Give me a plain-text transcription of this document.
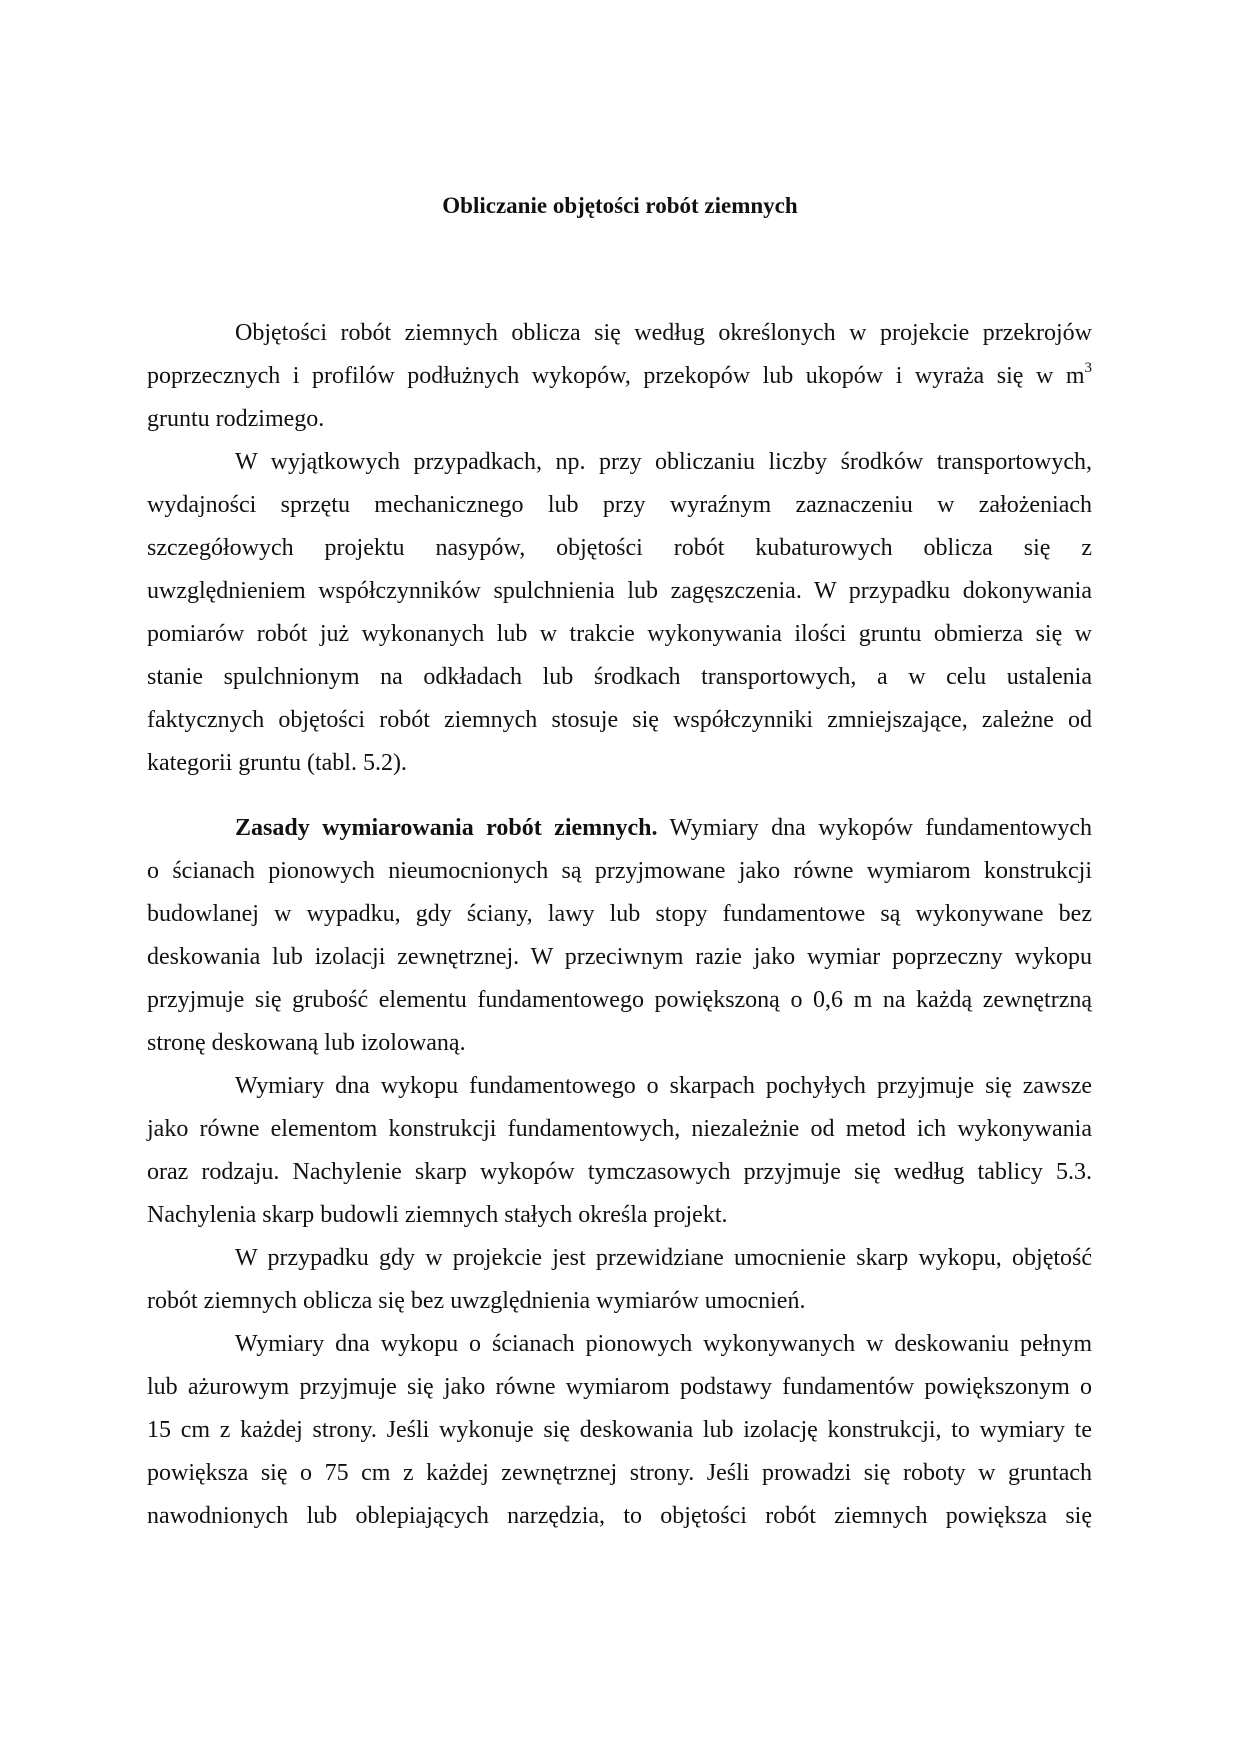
Obliczanie objętości robót ziemnych
Objętości robót ziemnych oblicza się według określonych w projekcie przekrojów
poprzecznych i profilów podłużnych wykopów, przekopów lub ukopów i wyraża się w $m^3$
gruntu rodzimego.
W wyjątkowych przypadkach, np. przy obliczaniu liczby środków transportowych,
wydajności sprzętu mechanicznego lub przy wyraźnym zaznaczeniu w założeniach
szczegółowych projektu nasypów, objętości robót kubaturowych oblicza się z
uwzględnieniem współczynników spulchnienia lub zagęszczenia. W przypadku dokonywania
pomiarów robót już wykonanych lub w trakcie wykonywania ilości gruntu obmierza się w
stanie spulchnionym na odkładach lub środkach transportowych, a w celu ustalenia
faktycznych objętości robót ziemnych stosuje się współczynniki zmniejszające, zależne od
kategorii gruntu (tabl. 5.2).
Zasady wymiarowania robót ziemnych. Wymiary dna wykopów fundamentowych
o ścianach pionowych nieumocnionych są przyjmowane jako równe wymiarom konstrukcji
budowlanej w wypadku, gdy ściany, lawy lub stopy fundamentowe są wykonywane bez
deskowania lub izolacji zewnętrznej. W przeciwnym razie jako wymiar poprzeczny wykopu
przyjmuje się grubość elementu fundamentowego powiększoną o 0,6 m na każdą zewnętrzną
stronę deskowaną lub izolowaną.
Wymiary dna wykopu fundamentowego o skarpach pochyłych przyjmuje się zawsze
jako równe elementom konstrukcji fundamentowych, niezależnie od metod ich wykonywania
oraz rodzaju. Nachylenie skarp wykopów tymczasowych przyjmuje się według tablicy 5.3.
Nachylenia skarp budowli ziemnych stałych określa projekt.
W przypadku gdy w projekcie jest przewidziane umocnienie skarp wykopu, objętość
robót ziemnych oblicza się bez uwzględnienia wymiarów umocnień.
Wymiary dna wykopu o ścianach pionowych wykonywanych w deskowaniu pełnym
lub ażurowym przyjmuje się jako równe wymiarom podstawy fundamentów powiększonym o
15 cm z każdej strony. Jeśli wykonuje się deskowania lub izolację konstrukcji, to wymiary te
powiększa się o 75 cm z każdej zewnętrznej strony. Jeśli prowadzi się roboty w gruntach
nawodnionych lub oblepiających narzędzia, to objętości robót ziemnych powiększa się
